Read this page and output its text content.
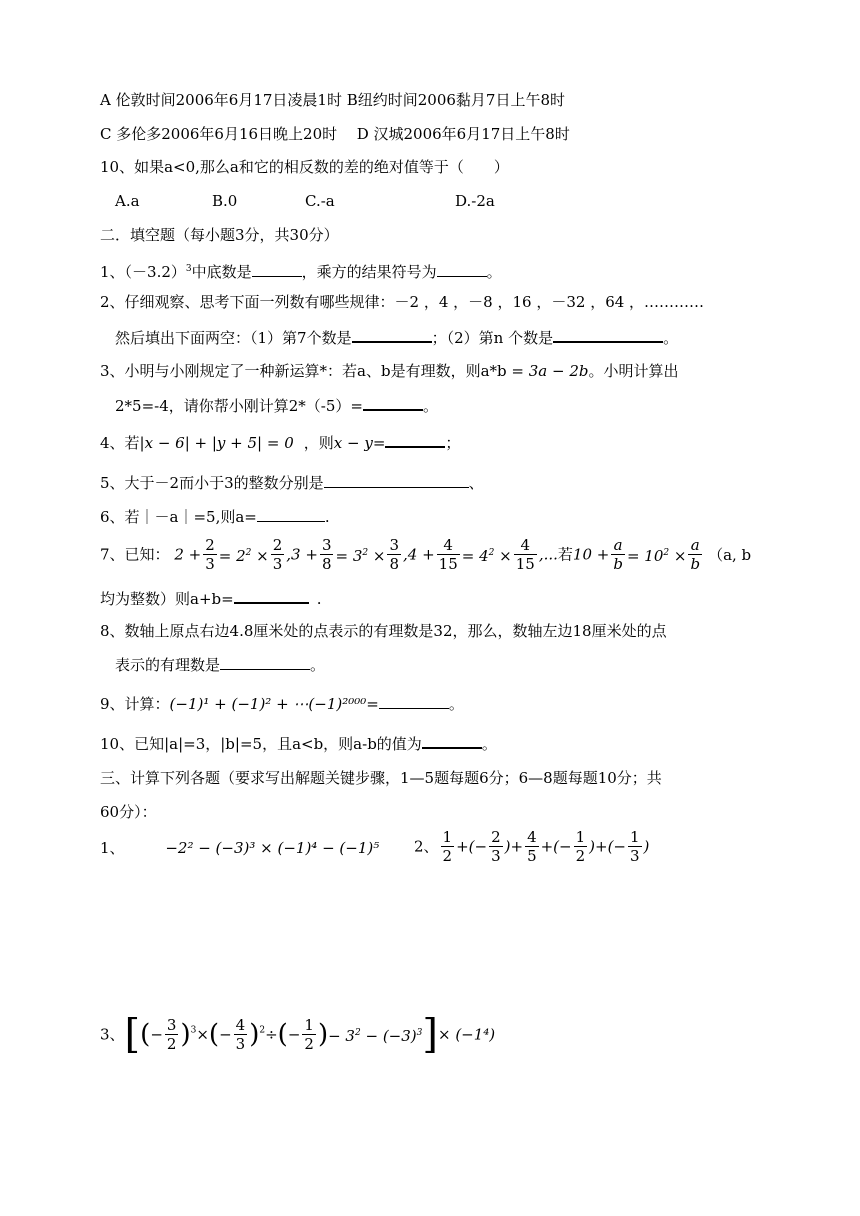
A 伦敦时间2006年6月17日凌晨1时 B纽约时间2006黏月7日上午8时
C 多伦多2006年6月16日晚上20时 D 汉城2006年6月17日上午8时
10、如果a<0,那么a和它的相反数的差的绝对值等于（　　）
A.a	B.0	C.-a	D.-2a
二．填空题（每小题3分，共30分）
1、$(-3.2)^3$中底数是	，乘方的结果符号为	。
2、仔细观察、思考下面一列数有哪些规律：－2 ，4 ，－8 ，16 ，－32 ，64 ，…………
然后填出下面两空：（1）第7个数是	；（2）第n 个数是	。
3、小明与小刚规定了一种新运算*：若a、b是有理数，则a*b = 3a − 2b。小明计算出
2*5=-4，请你帮小刚计算2*（-5）=	。
4、若|x − 6| + |y + 5| = 0 ，则x − y=	；
5、大于－2而小于3的整数分别是	、
6、若｜－a｜=5,则a=	.
7、已知： $2 + \frac{2}{3} = 2^2 \times \frac{2}{3} ,3 + \frac{3}{8} = 3^2 \times \frac{3}{8} ,4 + \frac{4}{15} = 4^2 \times \frac{4}{15}$ ,...若$10 + \frac{a}{b} = 10^2 \times \frac{a}{b} (a$, b
均为整数）则a+b=	.
8、数轴上原点右边4.8厘米处的点表示的有理数是32，那么，数轴左边18厘米处的点
表示的有理数是	。
9、计算：(−1)¹ + (−1)² + ⋯(−1)²⁰⁰⁰=	。
10、已知|a|=3，|b|=5，且a<b，则a-b的值为	。
三、计算下列各题（要求写出解题关键步骤，1—5题每题6分；6—8题每题10分；共
60分）：
1、	−2² − (−3)³ × (−1)⁴ − (−1)⁵ 2、 $\frac{1}{2}$ +(− $\frac{2}{3}$ )+ $\frac{4}{5}$ +(− $\frac{1}{2}$ )+(− $\frac{1}{3}$ )
3、[(− $\frac{3}{2} )^3\times(- \frac{4}{3} )^2\div(- \frac{1}{2}$ )− $3^2 - (-3)^3]\times (-1^4)$
